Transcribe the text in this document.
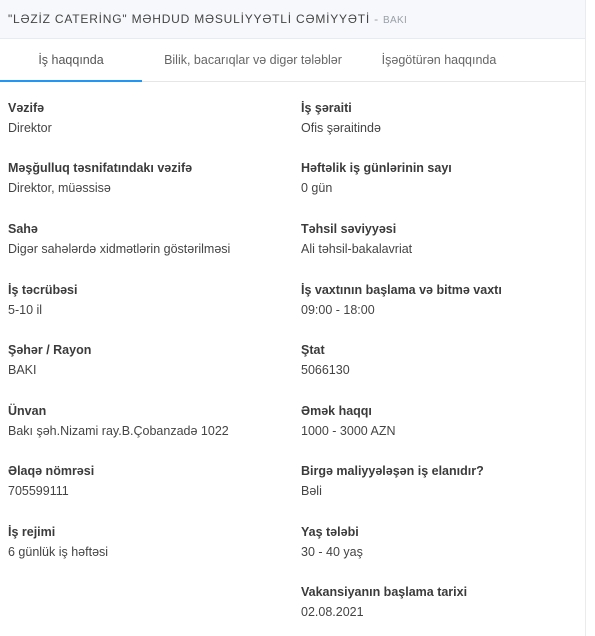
"LƏZİZ CATERİNG" MƏHDUD MƏSULİYYƏTLİ CƏMİYYƏTİ - BAKI
İş haqqında	Bilik, bacarıqlar və digər tələblər	İşəgötürən haqqında
Vəzifə
Direktor
Məşğulluq təsnifatındakı vəzifə
Direktor, müəssisə
Sahə
Digər sahələrdə xidmətlərin göstərilməsi
İş təcrübəsi
5-10 il
Şəhər / Rayon
BAKI
Ünvan
Bakı şəh.Nizami ray.B.Çobanzadə 1022
Əlaqə nömrəsi
705599111
İş rejimi
6 günlük iş həftəsi
İş şəraiti
Ofis şəraitində
Həftəlik iş günlərinin sayı
0 gün
Təhsil səviyyəsi
Ali təhsil-bakalavriat
İş vaxtının başlama və bitmə vaxtı
09:00 - 18:00
Ştat
5066130
Əmək haqqı
1000 - 3000 AZN
Birgə maliyyələşən iş elanıdır?
Bəli
Yaş tələbi
30 - 40 yaş
Vakansiyanın başlama tarixi
02.08.2021
